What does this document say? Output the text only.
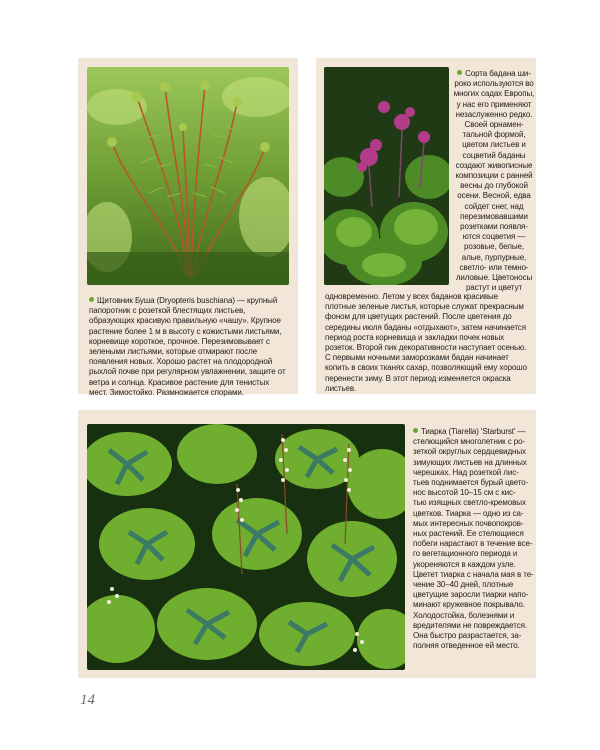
Щитовник Буша (Dryopteris buschiana) — крупный папоротник с розеткой блестящих листьев, образующих красивую правильную «чашу». Крупное растение более 1 м в высоту с кожистыми листьями, корневище короткое, прочное. Перезимовывает с зелеными листьями, которые отмирают после появления новых. Хорошо растет на плодородной рыхлой почве при регулярном увлажнении, защите от ветра и солнца. Красивое растение для тенистых мест. Зимостойко. Размножается спорами.
Сорта бадана ши-
роко используются во
многих садах Европы,
у нас его применяют
незаслуженно редко.
Своей орнамен-
тальной формой,
цветом листьев и
соцветий баданы
создают живописные
композиции с ранней
весны до глубокой
осени. Весной, едва
сойдет снег, над
перезимовавшими
розетками появля-
ются соцветия —
розовые, белые,
алые, пурпурные,
светло- или темно-
лиловые. Цветоносы
растут и цветут
одновременно. Летом у всех баданов красивые плотные зеленые листья, которые служат прекрасным фоном для цветущих растений. После цветения до середины июля баданы «отдыхают», затем начинается период роста корневища и закладки почек новых розеток. Второй пик декоративности наступает осенью. С первыми ночными заморозками бадан начинает копить в своих тканях сахар, позволяющий ему хорошо перенести зиму. В этот период изменяется окраска листьев.
Тиарка (Tiarella) 'Starburst' —
стелющийся многолетник с ро-
зеткой округлых сердцевидных
зимующих листьев на длинных
черешках. Над розеткой лис-
тьев поднимается бурый цвето-
нос высотой 10–15 см с кис-
тью изящных светло-кремовых
цветков. Тиарка — одно из са-
мых интересных почвопокров-
ных растений. Ее стелющиеся
побеги нарастают в течение все-
го вегетационного периода и
укореняются в каждом узле.
Цветет тиарка с начала мая в те-
чение 30–40 дней, плотные
цветущие заросли тиарки напо-
минают кружевное покрывало.
Холодостойка, болезнями и
вредителями не повреждается.
Она быстро разрастается, за-
полняя отведенное ей место.
14
